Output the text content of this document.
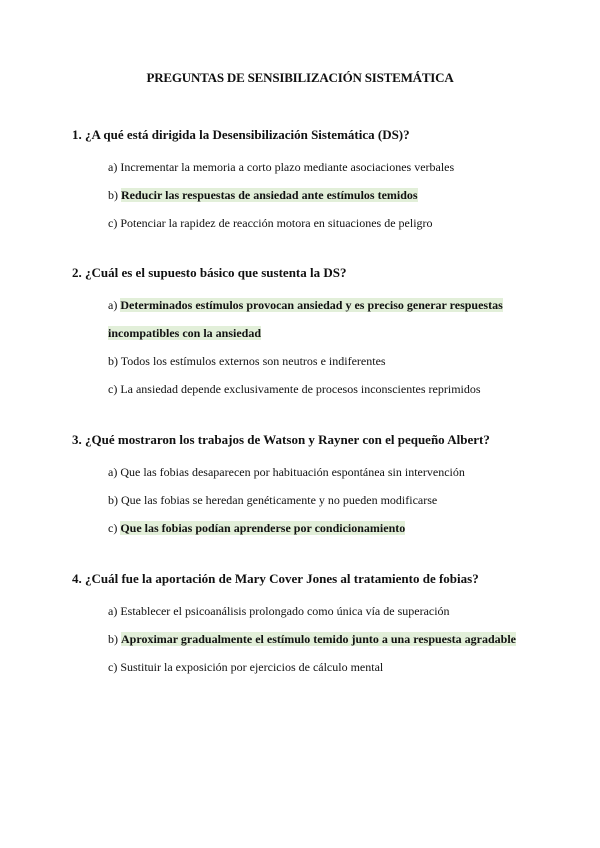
PREGUNTAS DE SENSIBILIZACIÓN SISTEMÁTICA

1. ¿A qué está dirigida la Desensibilización Sistemática (DS)?

a) Incrementar la memoria a corto plazo mediante asociaciones verbales
b) Reducir las respuestas de ansiedad ante estímulos temidos
c) Potenciar la rapidez de reacción motora en situaciones de peligro

2. ¿Cuál es el supuesto básico que sustenta la DS?

a) Determinados estímulos provocan ansiedad y es preciso generar respuestas incompatibles con la ansiedad
b) Todos los estímulos externos son neutros e indiferentes
c) La ansiedad depende exclusivamente de procesos inconscientes reprimidos

3. ¿Qué mostraron los trabajos de Watson y Rayner con el pequeño Albert?

a) Que las fobias desaparecen por habituación espontánea sin intervención
b) Que las fobias se heredan genéticamente y no pueden modificarse
c) Que las fobias podían aprenderse por condicionamiento

4. ¿Cuál fue la aportación de Mary Cover Jones al tratamiento de fobias?

a) Establecer el psicoanálisis prolongado como única vía de superación
b) Aproximar gradualmente el estímulo temido junto a una respuesta agradable
c) Sustituir la exposición por ejercicios de cálculo mental
